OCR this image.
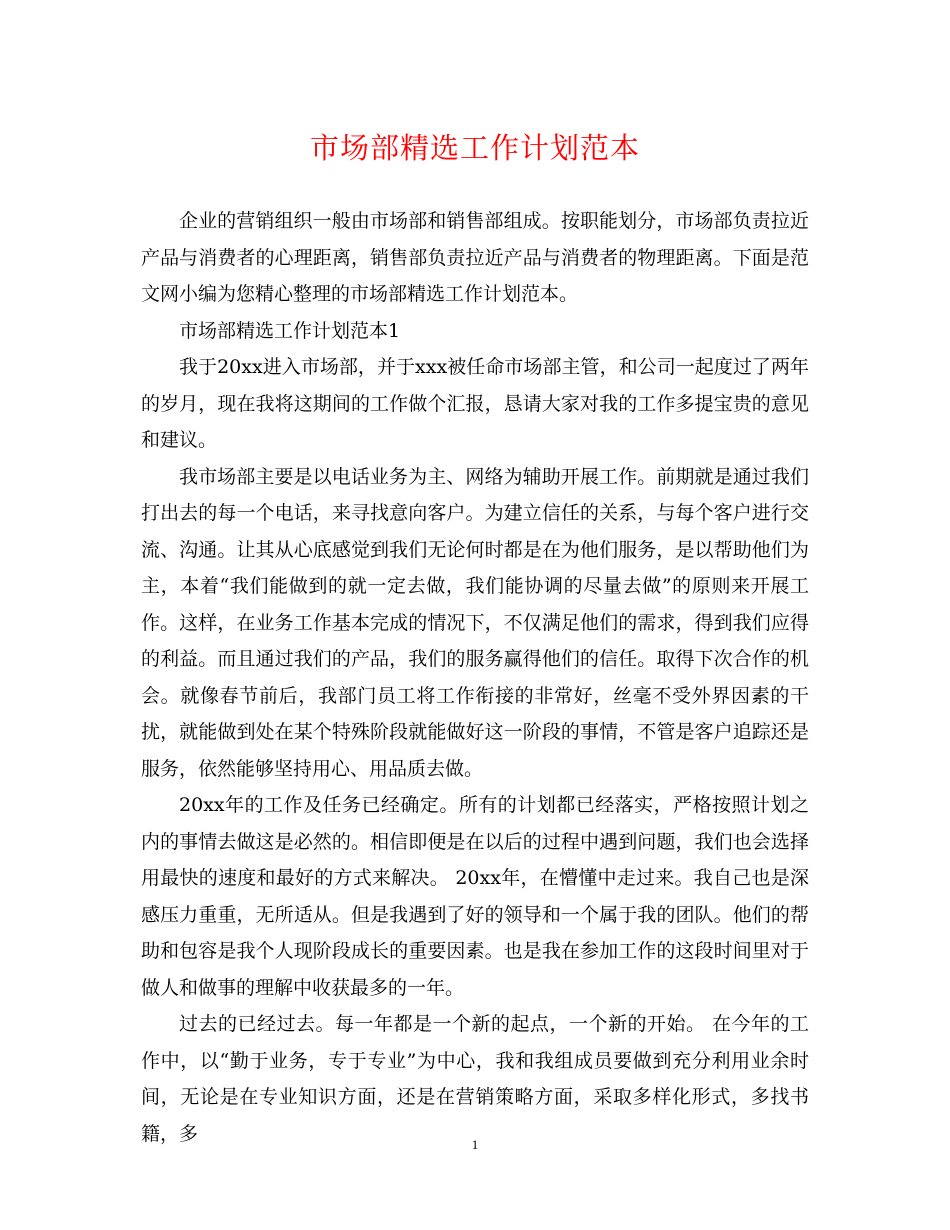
市场部精选工作计划范本

企业的营销组织一般由市场部和销售部组成。按职能划分，市场部负责拉近产品与消费者的心理距离，销售部负责拉近产品与消费者的物理距离。下面是范文网小编为您精心整理的市场部精选工作计划范本。

市场部精选工作计划范本1

我于20xx进入市场部，并于xxx被任命市场部主管，和公司一起度过了两年的岁月，现在我将这期间的工作做个汇报，恳请大家对我的工作多提宝贵的意见和建议。

我市场部主要是以电话业务为主、网络为辅助开展工作。前期就是通过我们打出去的每一个电话，来寻找意向客户。为建立信任的关系，与每个客户进行交流、沟通。让其从心底感觉到我们无论何时都是在为他们服务，是以帮助他们为主，本着“我们能做到的就一定去做，我们能协调的尽量去做”的原则来开展工作。这样，在业务工作基本完成的情况下，不仅满足他们的需求，得到我们应得的利益。而且通过我们的产品，我们的服务赢得他们的信任。取得下次合作的机会。就像春节前后，我部门员工将工作衔接的非常好，丝毫不受外界因素的干扰，就能做到处在某个特殊阶段就能做好这一阶段的事情，不管是客户追踪还是服务，依然能够坚持用心、用品质去做。

20xx年的工作及任务已经确定。所有的计划都已经落实，严格按照计划之内的事情去做这是必然的。相信即便是在以后的过程中遇到问题，我们也会选择用最快的速度和最好的方式来解决。 20xx年，在懵懂中走过来。我自己也是深感压力重重，无所适从。但是我遇到了好的领导和一个属于我的团队。他们的帮助和包容是我个人现阶段成长的重要因素。也是我在参加工作的这段时间里对于做人和做事的理解中收获最多的一年。

过去的已经过去。每一年都是一个新的起点，一个新的开始。 在今年的工作中，以“勤于业务，专于专业”为中心，我和我组成员要做到充分利用业余时间，无论是在专业知识方面，还是在营销策略方面，采取多样化形式，多找书籍，多	1
